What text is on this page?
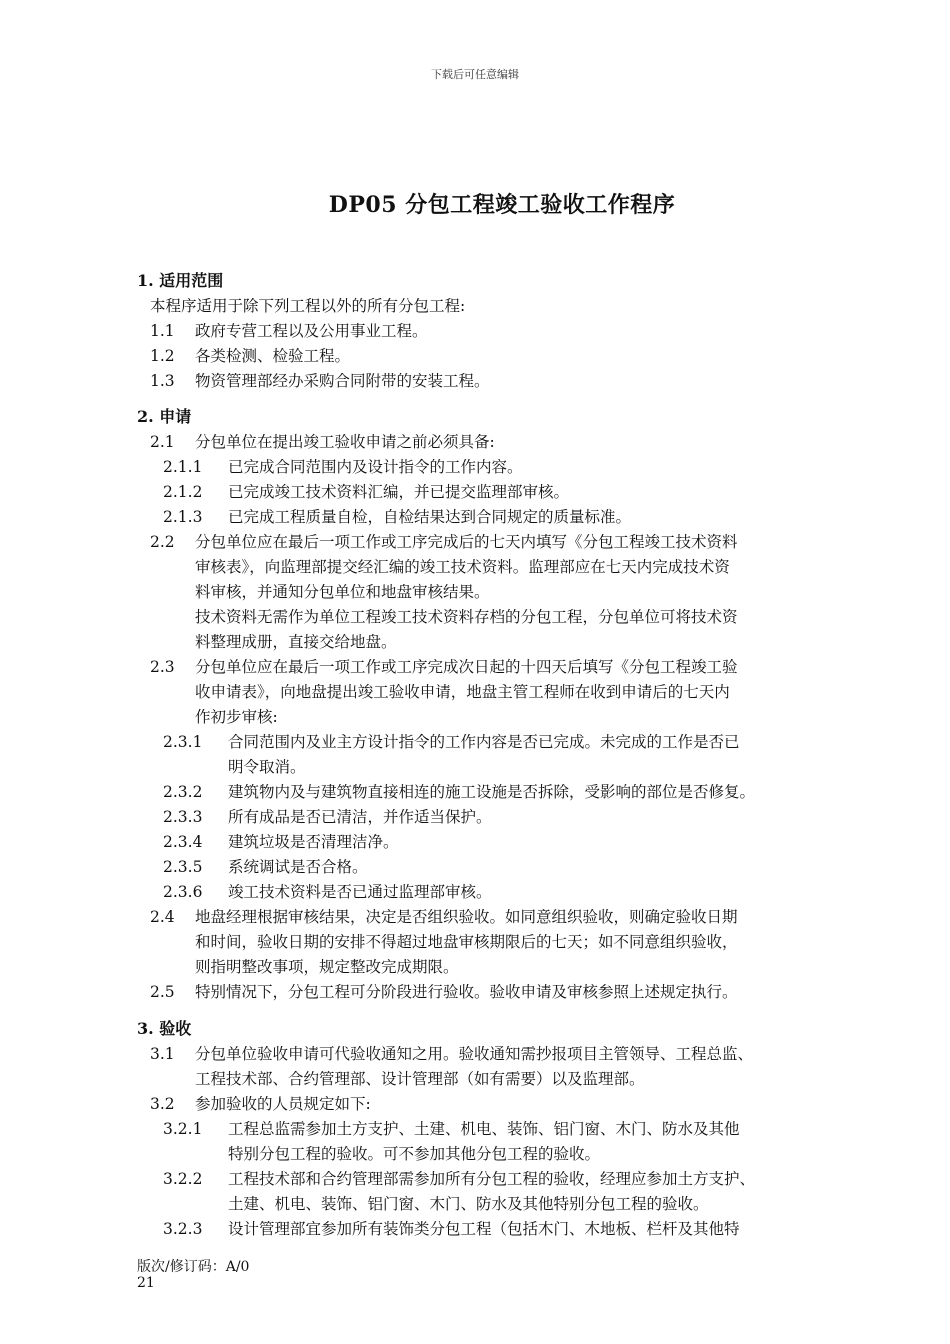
下载后可任意编辑
DP05 分包工程竣工验收工作程序
1. 适用范围
本程序适用于除下列工程以外的所有分包工程:
1.1 政府专营工程以及公用事业工程。
1.2 各类检测、检验工程。
1.3 物资管理部经办采购合同附带的安装工程。
2. 申请
2.1 分包单位在提出竣工验收申请之前必须具备:
2.1.1 已完成合同范围内及设计指令的工作内容。
2.1.2 已完成竣工技术资料汇编，并已提交监理部审核。
2.1.3 已完成工程质量自检，自检结果达到合同规定的质量标准。
2.2 分包单位应在最后一项工作或工序完成后的七天内填写《分包工程竣工技术资料
审核表》，向监理部提交经汇编的竣工技术资料。监理部应在七天内完成技术资
料审核，并通知分包单位和地盘审核结果。
技术资料无需作为单位工程竣工技术资料存档的分包工程，分包单位可将技术资
料整理成册，直接交给地盘。
2.3 分包单位应在最后一项工作或工序完成次日起的十四天后填写《分包工程竣工验
收申请表》，向地盘提出竣工验收申请，地盘主管工程师在收到申请后的七天内
作初步审核:
2.3.1 合同范围内及业主方设计指令的工作内容是否已完成。未完成的工作是否已
明令取消。
2.3.2 建筑物内及与建筑物直接相连的施工设施是否拆除，受影响的部位是否修复。
2.3.3 所有成品是否已清洁，并作适当保护。
2.3.4 建筑垃圾是否清理洁净。
2.3.5 系统调试是否合格。
2.3.6 竣工技术资料是否已通过监理部审核。
2.4 地盘经理根据审核结果，决定是否组织验收。如同意组织验收，则确定验收日期
和时间，验收日期的安排不得超过地盘审核期限后的七天；如不同意组织验收，
则指明整改事项，规定整改完成期限。
2.5 特别情况下，分包工程可分阶段进行验收。验收申请及审核参照上述规定执行。
3. 验收
3.1 分包单位验收申请可代验收通知之用。验收通知需抄报项目主管领导、工程总监、
工程技术部、合约管理部、设计管理部（如有需要）以及监理部。
3.2 参加验收的人员规定如下:
3.2.1 工程总监需参加土方支护、土建、机电、装饰、铝门窗、木门、防水及其他
特别分包工程的验收。可不参加其他分包工程的验收。
3.2.2 工程技术部和合约管理部需参加所有分包工程的验收，经理应参加土方支护、
土建、机电、装饰、铝门窗、木门、防水及其他特别分包工程的验收。
3.2.3 设计管理部宜参加所有装饰类分包工程（包括木门、木地板、栏杆及其他特
版次/修订码：A/0
21
